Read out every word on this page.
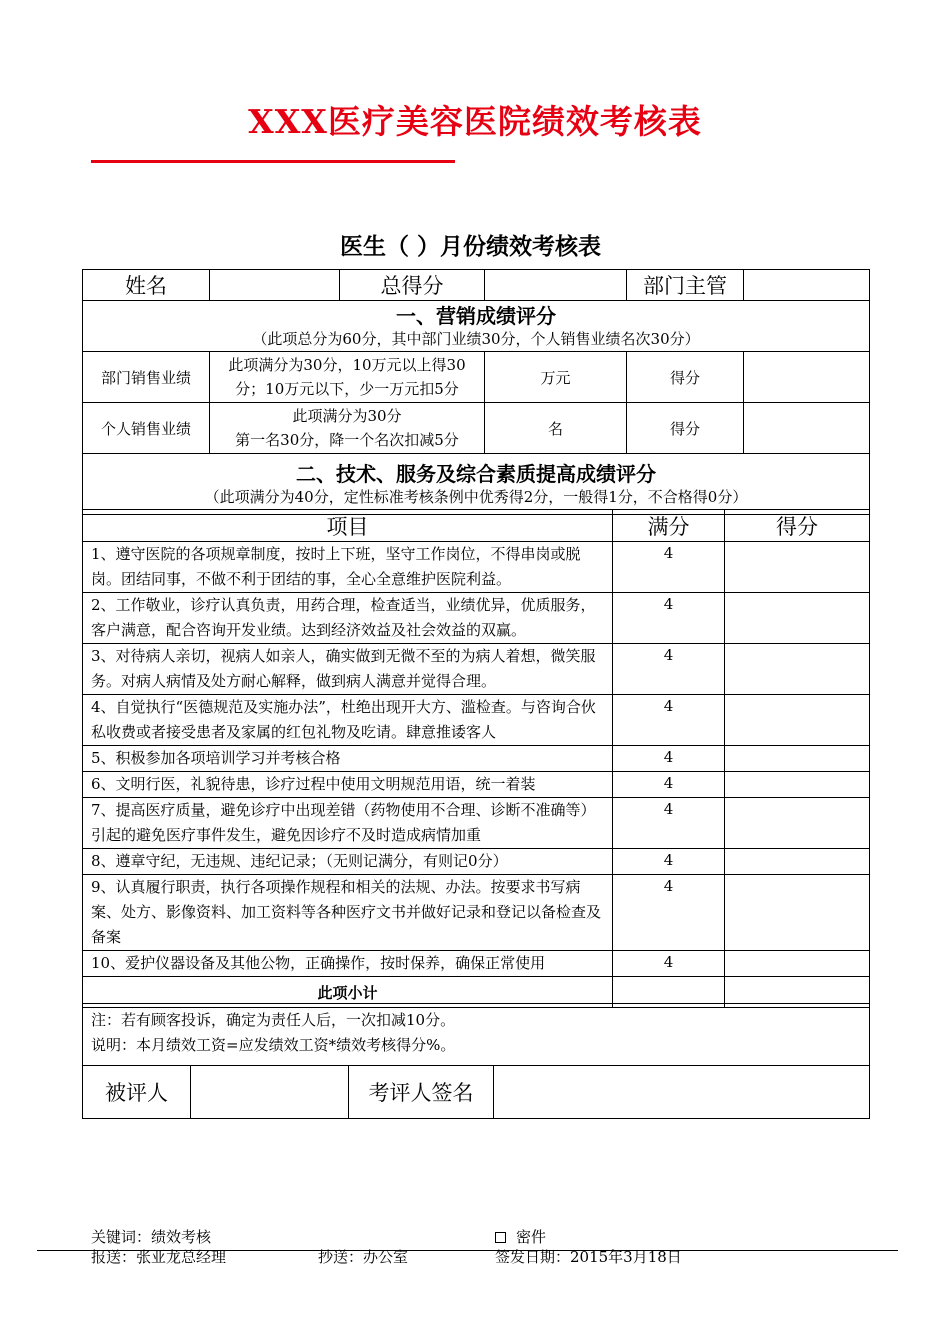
XXX医疗美容医院绩效考核表
医生（ ）月份绩效考核表
姓名		总得分		部门主管	

一、营销成绩评分
（此项总分为60分，其中部门业绩30分，个人销售业绩名次30分）					

部门销售业绩	此项满分为30分，10万元以上得30
分；10万元以下，少一万元扣5分		万元	得分	
个人销售业绩	此项满分为30分
第一名30分，降一个名次扣减5分		名	得分	

二、技术、服务及综合素质提高成绩评分
（此项满分为40分，定性标准考核条例中优秀得2分，一般得1分，不合格得0分）					
项目	满分	得分
1、遵守医院的各项规章制度，按时上下班，坚守工作岗位，不得串岗或脱岗。团结同事，不做不利于团结的事，全心全意维护医院利益。	4	
2、工作敬业，诊疗认真负责，用药合理，检查适当，业绩优异，优质服务，客户满意，配合咨询开发业绩。达到经济效益及社会效益的双赢。	4	
3、对待病人亲切，视病人如亲人，确实做到无微不至的为病人着想，微笑服务。对病人病情及处方耐心解释，做到病人满意并觉得合理。	4	
4、自觉执行“医德规范及实施办法”，杜绝出现开大方、滥检查。与咨询合伙私收费或者接受患者及家属的红包礼物及吃请。肆意推诿客人	4	
5、积极参加各项培训学习并考核合格	4	
6、文明行医，礼貌待患，诊疗过程中使用文明规范用语，统一着装	4	
7、提高医疗质量，避免诊疗中出现差错（药物使用不合理、诊断不准确等）引起的避免医疗事件发生，避免因诊疗不及时造成病情加重	4	
8、遵章守纪，无违规、违纪记录；（无则记满分，有则记0分）	4	
9、认真履行职责，执行各项操作规程和相关的法规、办法。按要求书写病案、处方、影像资料、加工资料等各种医疗文书并做好记录和登记以备检查及备案	4	
10、爱护仪器设备及其他公物，正确操作，按时保养，确保正常使用	4	
此项小计		
注：若有顾客投诉，确定为责任人后，一次扣减10分。
说明：本月绩效工资=应发绩效工资*绩效考核得分%。

被评人		考评人签名	
关键词：绩效考核	密件
报送：张亚龙总经理	抄送：办公室	签发日期：2015年3月18日
